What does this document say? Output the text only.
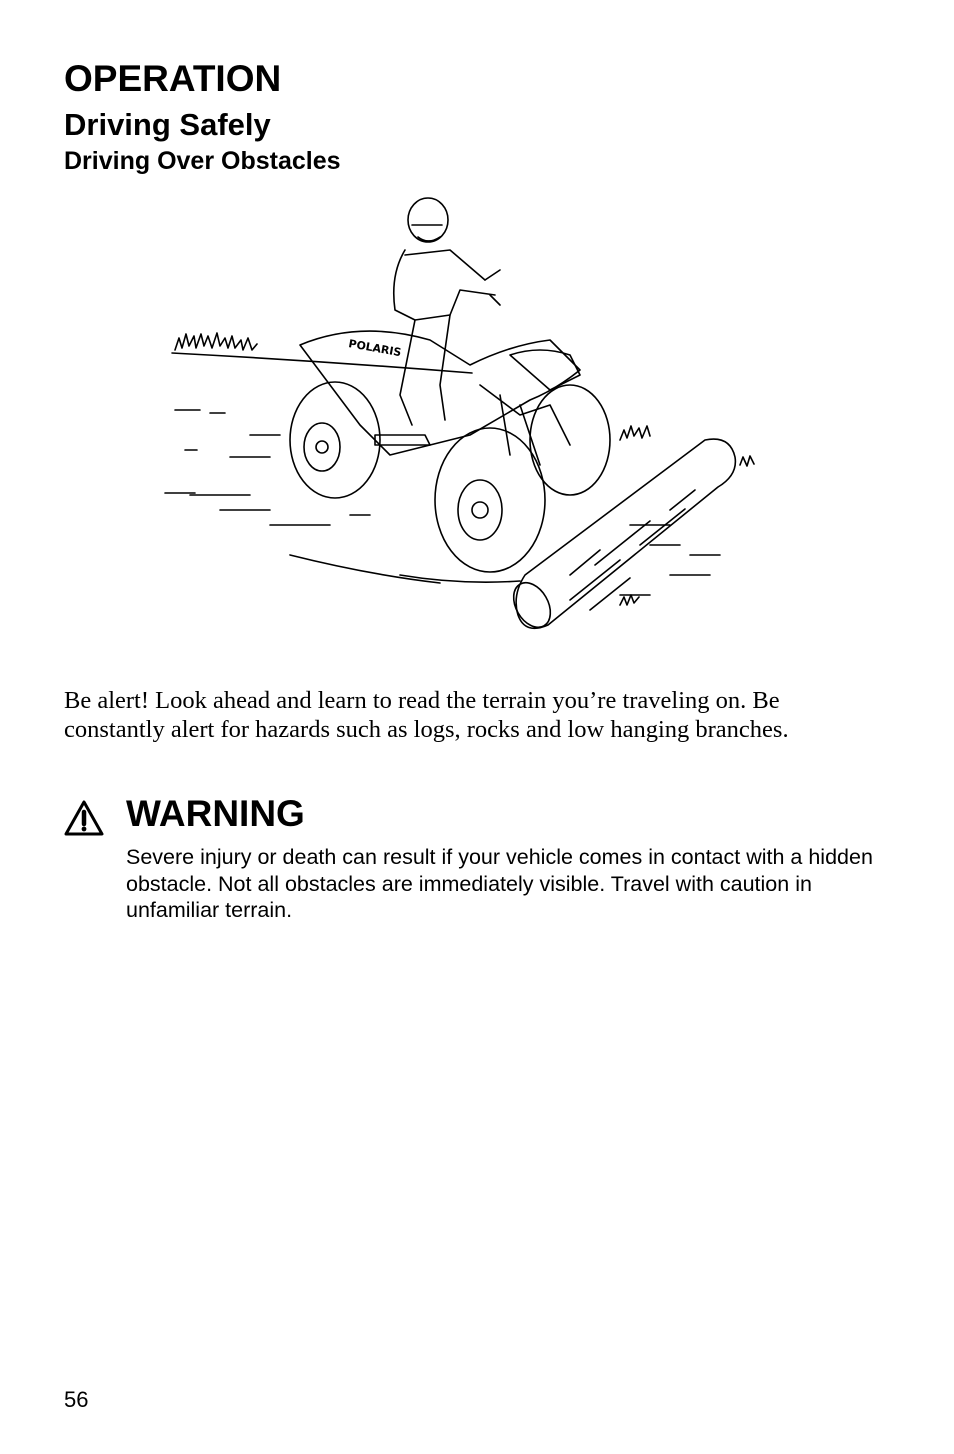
OPERATION
Driving Safely
Driving Over Obstacles
POLARIS

Be alert! Look ahead and learn to read the terrain you’re traveling on. Be constantly alert for hazards such as logs, rocks and low hanging branches.

WARNING

Severe injury or death can result if your vehicle comes in contact with a hidden obstacle. Not all obstacles are immediately visible. Travel with caution in unfamiliar terrain.

56
